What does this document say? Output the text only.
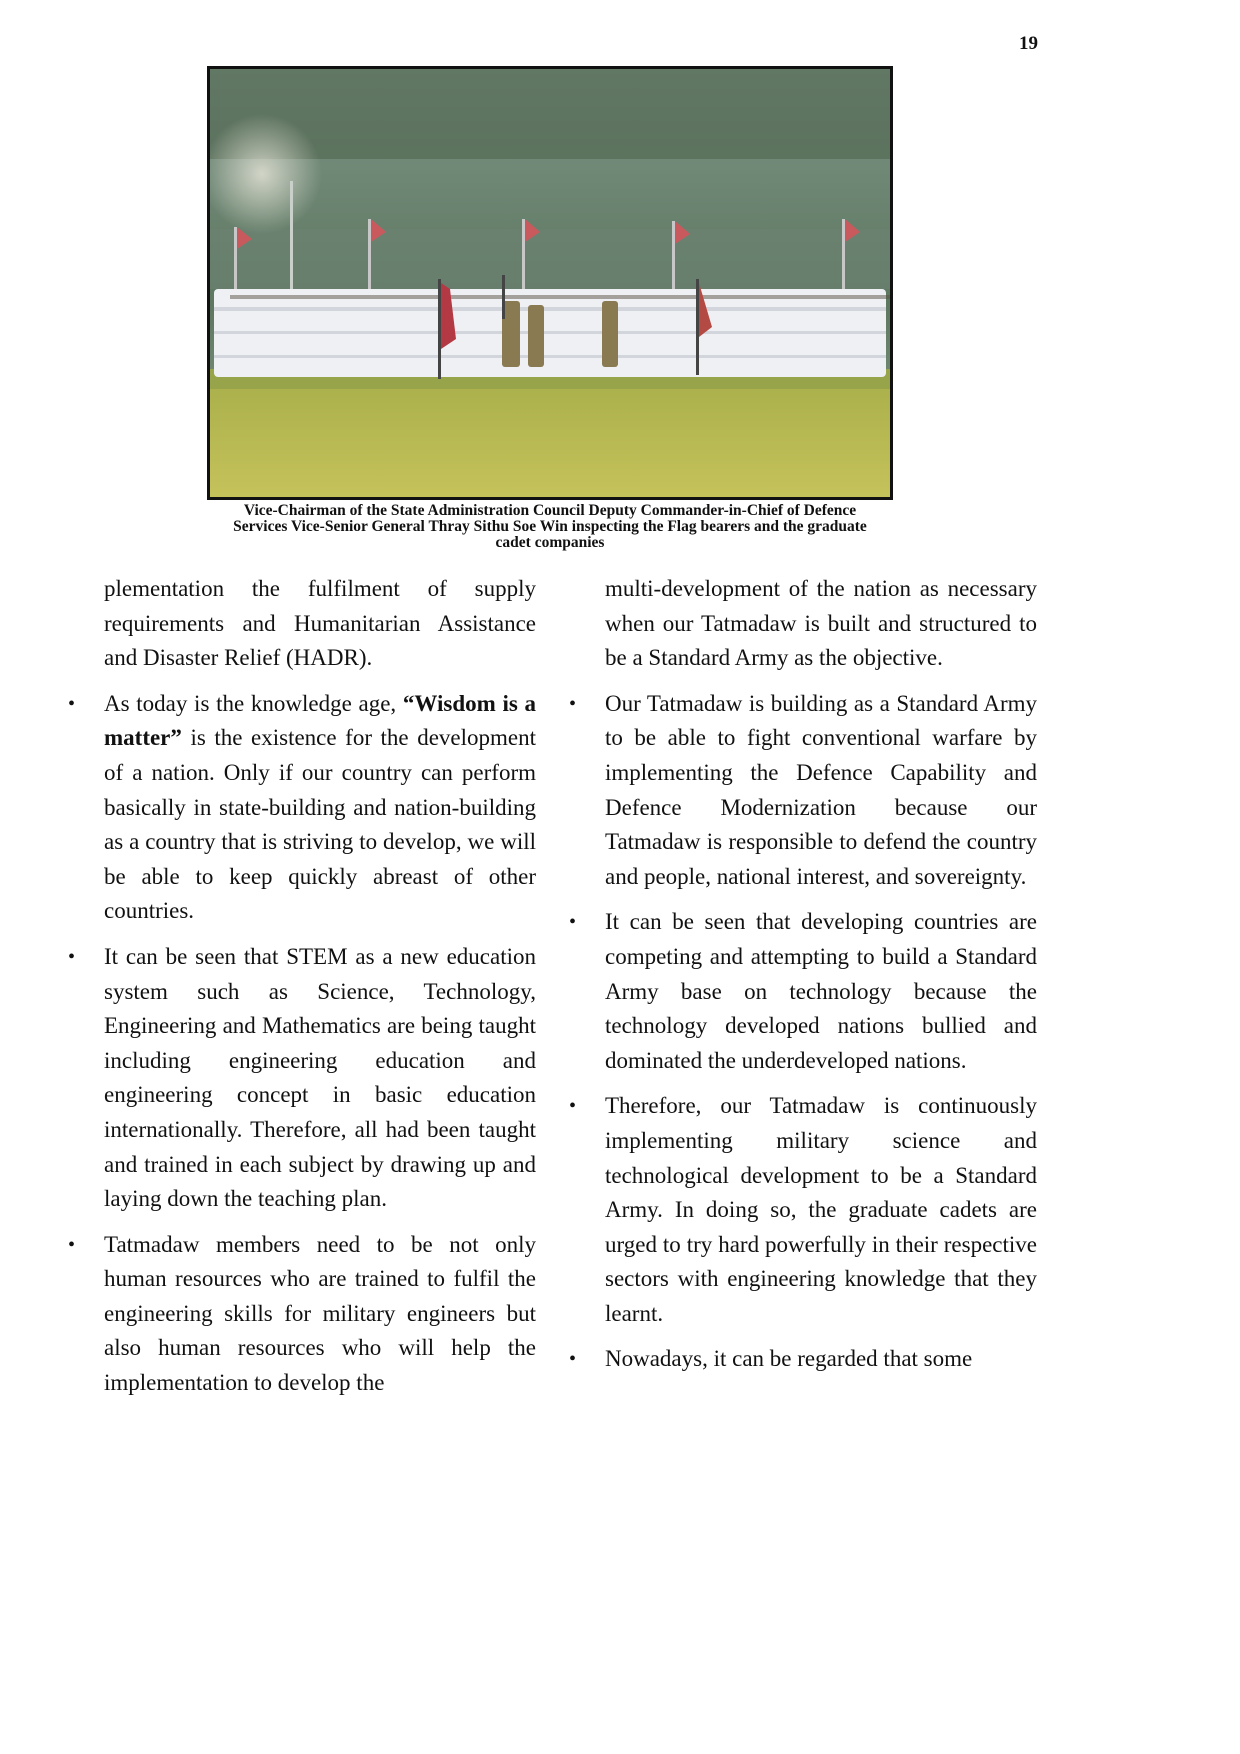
19
Vice-Chairman of the State Administration Council Deputy Commander-in-Chief of Defence
Services Vice-Senior General Thray Sithu Soe Win inspecting the Flag bearers and the graduate
cadet companies

plementation the fulfilment of supply requirements and Humanitarian Assistance and Disaster Relief (HADR).

• As today is the knowledge age, “Wisdom is a matter” is the existence for the development of a nation. Only if our country can perform basically in state-building and nation-building as a country that is striving to develop, we will be able to keep quickly abreast of other countries.

• It can be seen that STEM as a new education system such as Science, Technology, Engineering and Mathematics are being taught including engineering education and engineering concept in basic education internationally. Therefore, all had been taught and trained in each subject by drawing up and laying down the teaching plan.

• Tatmadaw members need to be not only human resources who are trained to fulfil the engineering skills for military engineers but also human resources who will help the implementation to develop the

multi-development of the nation as necessary when our Tatmadaw is built and structured to be a Standard Army as the objective.

• Our Tatmadaw is building as a Standard Army to be able to fight conventional warfare by implementing the Defence Capability and Defence Modernization because our Tatmadaw is responsible to defend the country and people, national interest, and sovereignty.

• It can be seen that developing countries are competing and attempting to build a Standard Army base on technology because the technology developed nations bullied and dominated the underdeveloped nations.

• Therefore, our Tatmadaw is continuously implementing military science and technological development to be a Standard Army. In doing so, the graduate cadets are urged to try hard powerfully in their respective sectors with engineering knowledge that they learnt.

• Nowadays, it can be regarded that some
